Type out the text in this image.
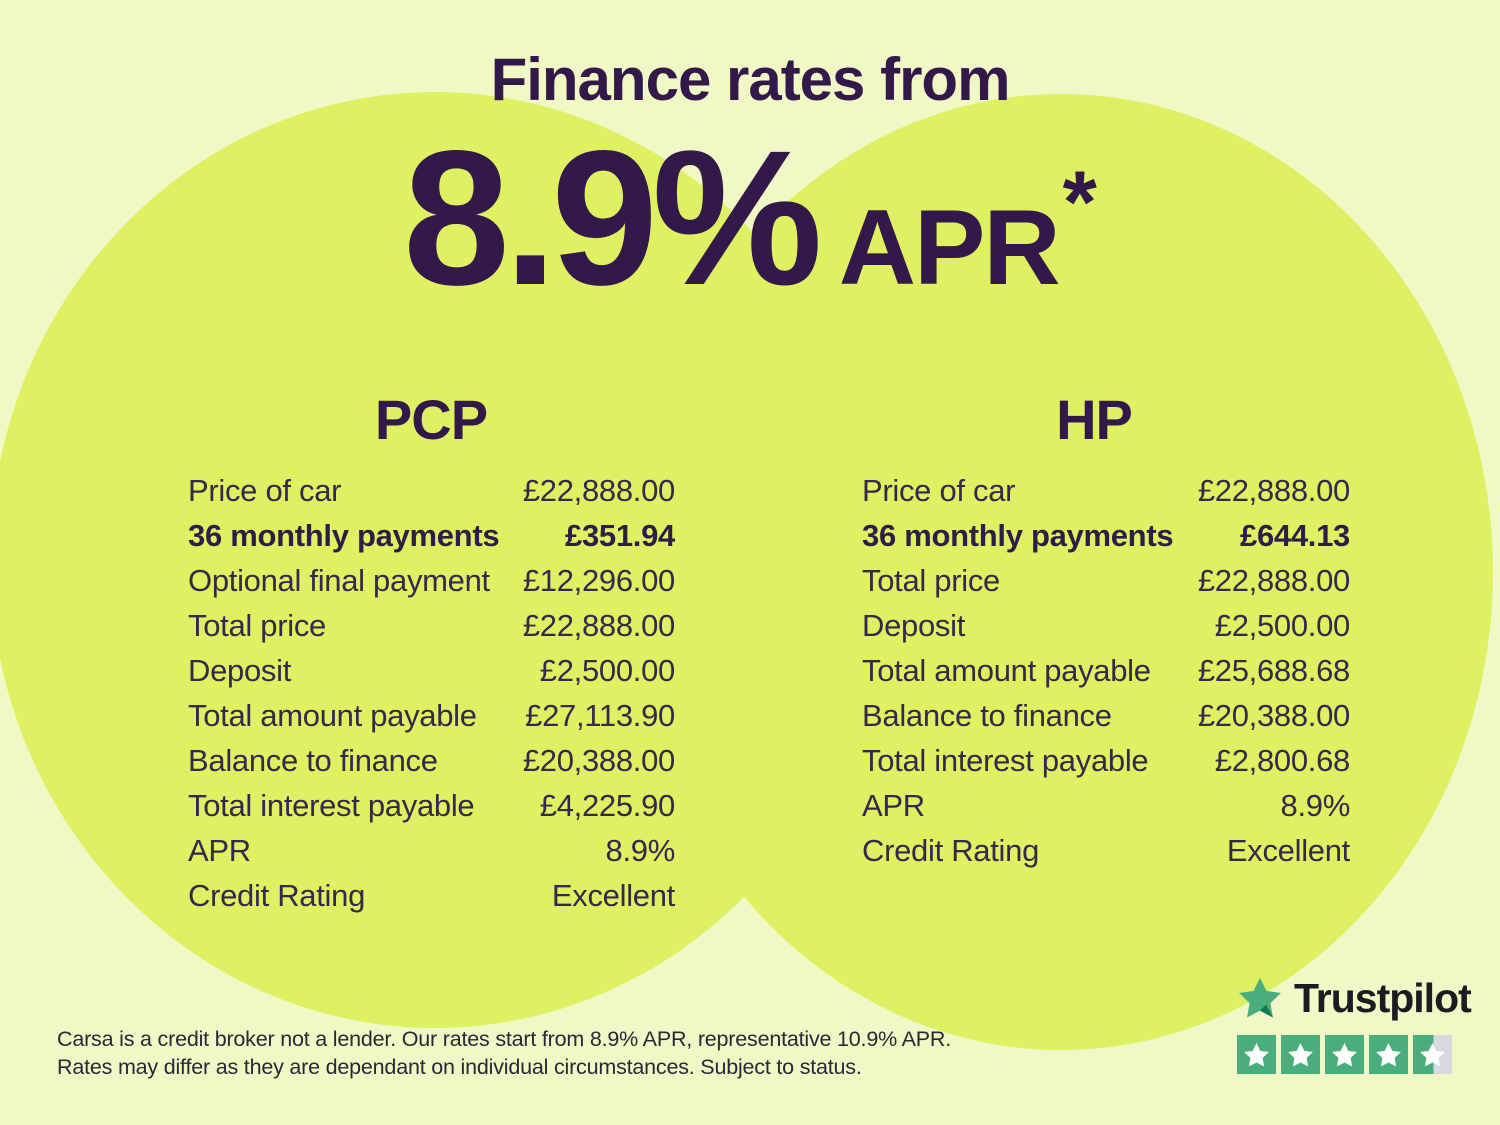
Finance rates from
8.9% APR *
PCP	HP
Price of car	£22,888.00
36 monthly payments £351.94
Optional final payment £12,296.00
Total price	£22,888.00
Deposit	£2,500.00
Total amount payable £27,113.90
Balance to finance	£20,388.00
Total interest payable £4,225.90
APR	8.9%
Credit Rating	Excellent
Price of car	£22,888.00
36 monthly payments £644.13
Total price	£22,888.00
Deposit	£2,500.00
Total amount payable £25,688.68
Balance to finance	£20,388.00
Total interest payable £2,800.68
APR	8.9%
Credit Rating	Excellent
Carsa is a credit broker not a lender. Our rates start from 8.9% APR, representative 10.9% APR.
Rates may differ as they are dependant on individual circumstances. Subject to status.
Trustpilot
